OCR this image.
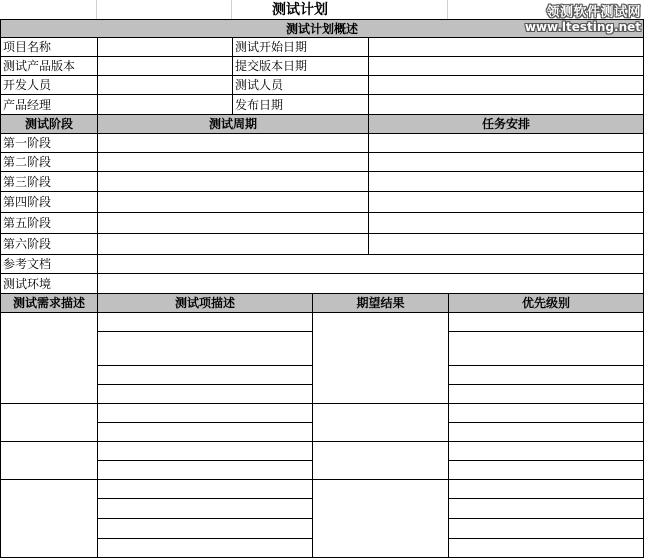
测试计划
测试计划概述
项目名称	测试开始日期
测试产品版本	提交版本日期
开发人员	测试人员
产品经理	发布日期
测试阶段	测试周期	任务安排
第一阶段
第二阶段
第三阶段
第四阶段
第五阶段
第六阶段
参考文档
测试环境
测试需求描述	测试项描述	期望结果	优先级别
领测软件测试网
www.ltesting.net
